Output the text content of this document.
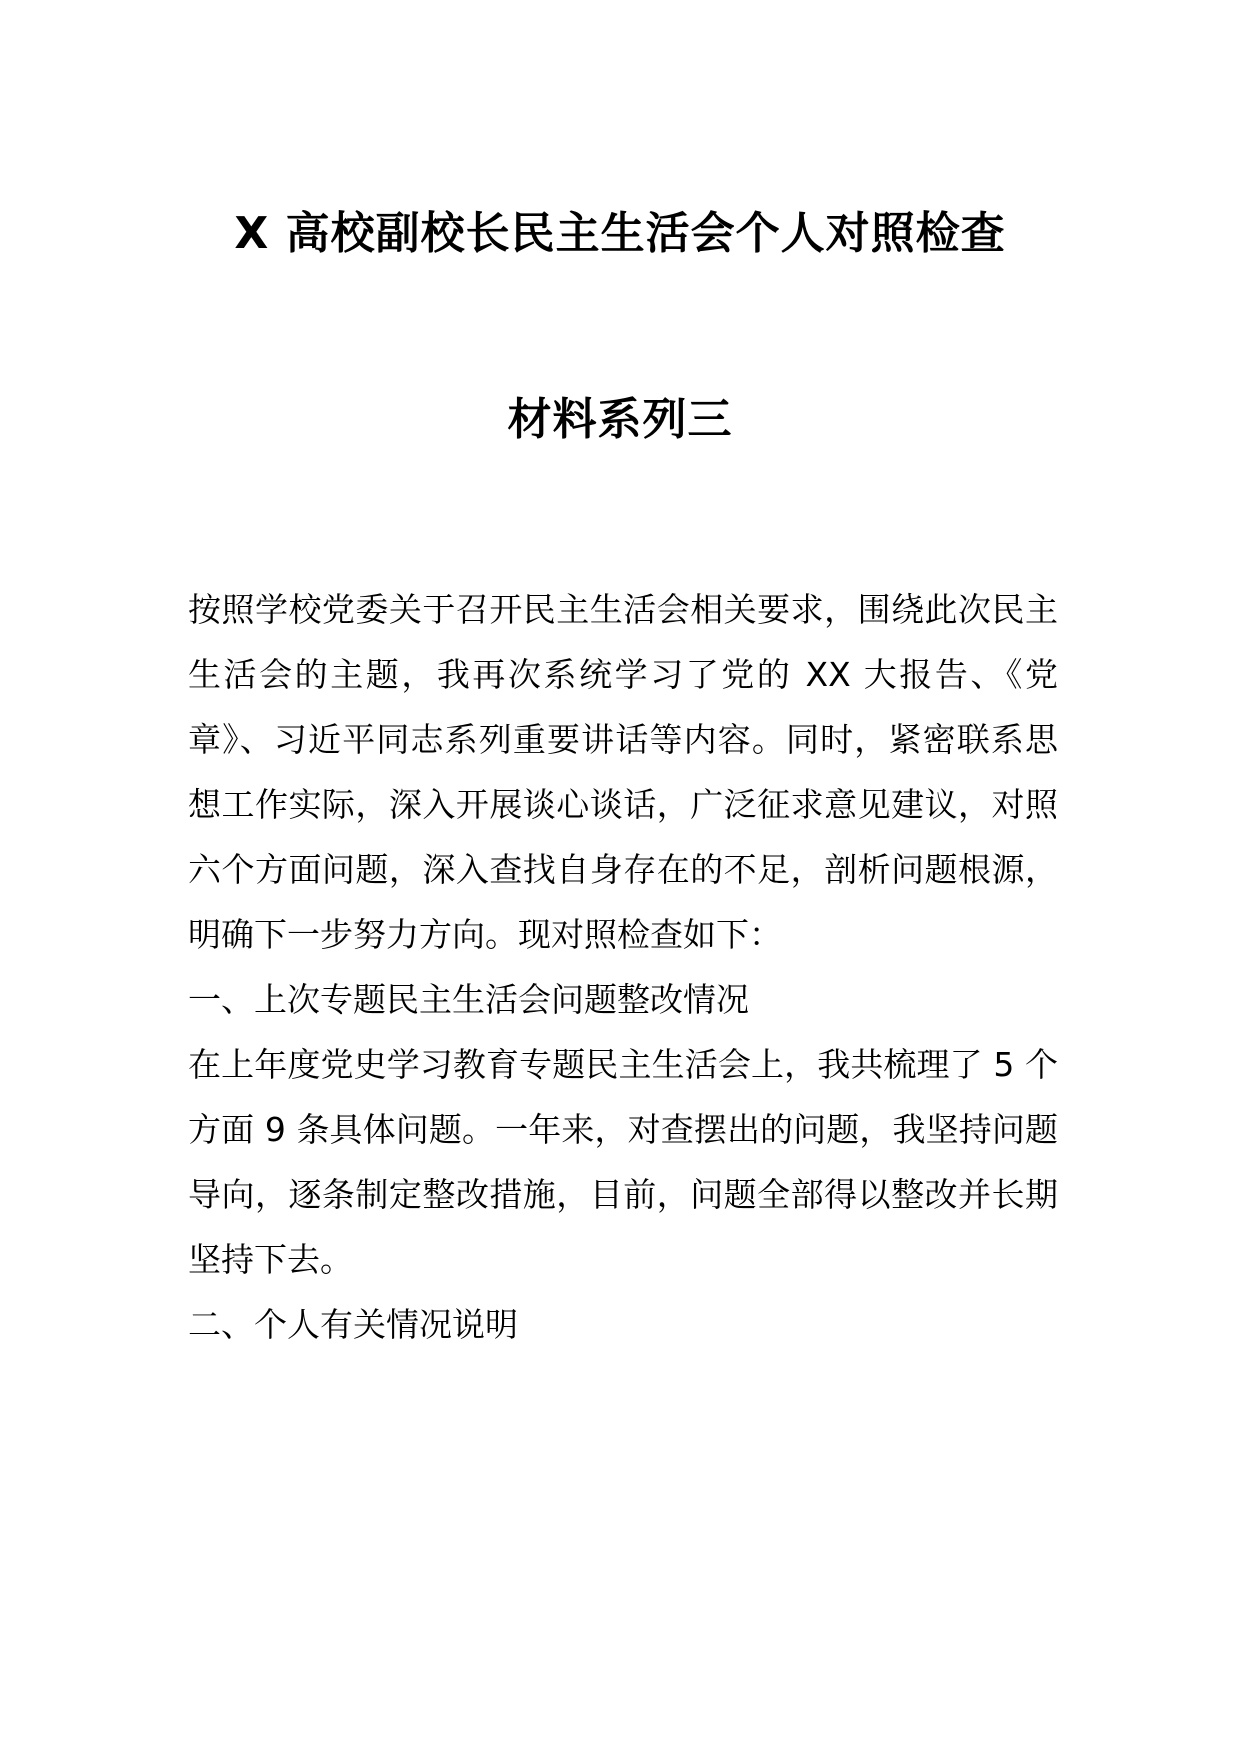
X 高校副校长民主生活会个人对照检查
材料系列三

按照学校党委关于召开民主生活会相关要求，围绕此次民主生活会的主题，我再次系统学习了党的 XX 大报告、《党章》、习近平同志系列重要讲话等内容。同时，紧密联系思想工作实际，深入开展谈心谈话，广泛征求意见建议，对照六个方面问题，深入查找自身存在的不足，剖析问题根源，明确下一步努力方向。现对照检查如下：

一、上次专题民主生活会问题整改情况

在上年度党史学习教育专题民主生活会上，我共梳理了 5 个方面 9 条具体问题。一年来，对查摆出的问题，我坚持问题导向，逐条制定整改措施，目前，问题全部得以整改并长期坚持下去。

二、个人有关情况说明
